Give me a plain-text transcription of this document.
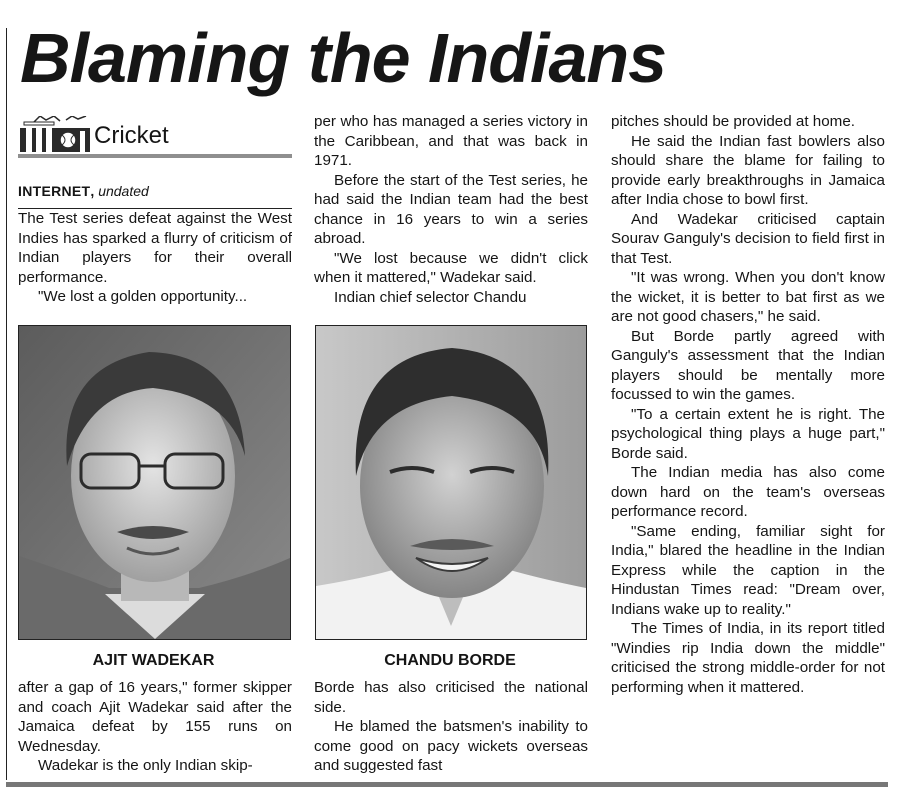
Blaming the Indians
Cricket

INTERNET, undated

The Test series defeat against the West Indies has sparked a flurry of criticism of Indian players for their overall performance.

"We lost a golden opportunity...

AJIT WADEKAR

after a gap of 16 years," former skipper and coach Ajit Wadekar said after the Jamaica defeat by 155 runs on Wednesday.

Wadekar is the only Indian skip-

per who has managed a series victory in the Caribbean, and that was back in 1971.

Before the start of the Test series, he had said the Indian team had the best chance in 16 years to win a series abroad.

"We lost because we didn't click when it mattered," Wadekar said.

Indian chief selector Chandu

CHANDU BORDE

Borde has also criticised the national side.

He blamed the batsmen's inability to come good on pacy wickets overseas and suggested fast

pitches should be provided at home.

He said the Indian fast bowlers also should share the blame for failing to provide early breakthroughs in Jamaica after India chose to bowl first.

And Wadekar criticised captain Sourav Ganguly's decision to field first in that Test.

"It was wrong. When you don't know the wicket, it is better to bat first as we are not good chasers," he said.

But Borde partly agreed with Ganguly's assessment that the Indian players should be mentally more focussed to win the games.

"To a certain extent he is right. The psychological thing plays a huge part," Borde said.

The Indian media has also come down hard on the team's overseas performance record.

"Same ending, familiar sight for India," blared the headline in the Indian Express while the caption in the Hindustan Times read: "Dream over, Indians wake up to reality."

The Times of India, in its report titled "Windies rip India down the middle" criticised the strong middle-order for not performing when it mattered.
